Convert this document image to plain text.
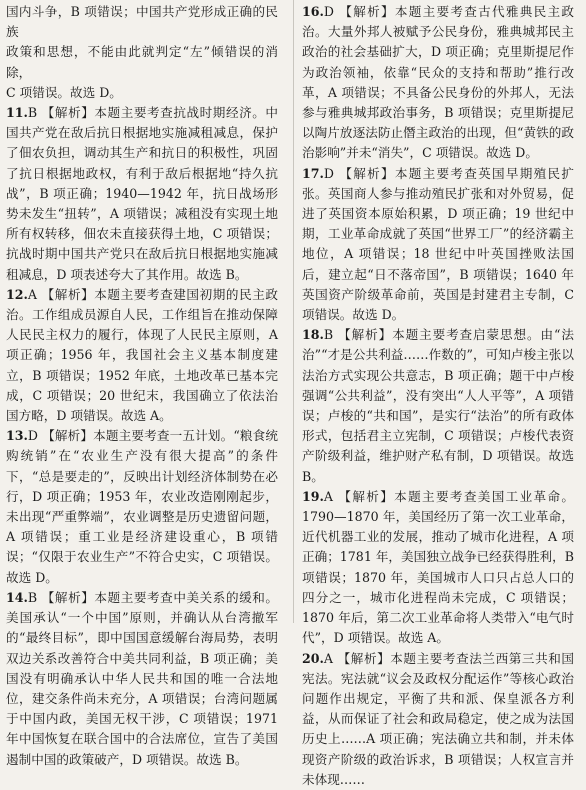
国内斗争，B 项错误；中国共产党形成正确的民族
政策和思想，不能由此就判定“左”倾错误的消除，
C 项错误。故选 D。

11.B 【解析】本题主要考查抗战时期经济。中国共产党在敌后抗日根据地实施减租减息，保护了佃农负担，调动其生产和抗日的积极性，巩固了抗日根据地政权，有利于敌后根据地“持久抗战”，B 项正确；1940—1942 年，抗日战场形势未发生“扭转”，A 项错误；减租没有实现土地所有权转移，佃农未直接获得土地，C 项错误；抗战时期中国共产党只在敌后抗日根据地实施减租减息，D 项表述夸大了其作用。故选 B。

12.A 【解析】本题主要考查建国初期的民主政治。工作组成员源自人民，工作组旨在推动保障人民民主权力的履行，体现了人民民主原则，A 项正确；1956 年，我国社会主义基本制度建立，B 项错误；1952 年底，土地改革已基本完成，C 项错误；20 世纪末，我国确立了依法治国方略，D 项错误。故选 A。

13.D 【解析】本题主要考查一五计划。“粮食统购统销”在“农业生产没有很大提高”的条件下，“总是要走的”，反映出计划经济体制势在必行，D 项正确；1953 年，农业改造刚刚起步，未出现“严重弊端”，农业调整是历史遗留问题，A 项错误；重工业是经济建设重心，B 项错误；“仅限于农业生产”不符合史实，C 项错误。故选 D。

14.B 【解析】本题主要考查中美关系的缓和。美国承认“一个中国”原则，并确认从台湾撤军的“最终目标”，即中国国意缓解台海局势，表明双边关系改善符合中美共同利益，B 项正确；美国没有明确承认中华人民共和国的唯一合法地位，建交条件尚未充分，A 项错误；台湾问题属于中国内政，美国无权干涉，C 项错误；1971 年中国恢复在联合国中的合法席位，宣告了美国遏制中国的政策破产，D 项错误。故选 B。

16.D 【解析】本题主要考查古代雅典民主政治。大量外邦人被赋予公民身份，雅典城邦民主政治的社会基础扩大，D 项正确；克里斯提尼作为政治领袖，依靠“民众的支持和帮助”推行改革，A 项错误；不具备公民身份的外邦人，无法参与雅典城邦政治事务，B 项错误；克里斯提尼以陶片放逐法防止僭主政治的出现，但“黄铁的政治影响”并未“消失”，C 项错误。故选 D。

17.D 【解析】本题主要考查英国早期殖民扩张。英国商人参与推动殖民扩张和对外贸易，促进了英国资本原始积累，D 项正确；19 世纪中期，工业革命成就了英国“世界工厂”的经济霸主地位，A 项错误；18 世纪中叶英国挫败法国后，建立起“日不落帝国”，B 项错误；1640 年英国资产阶级革命前，英国是封建君主专制，C 项错误。故选 D。

18.B 【解析】本题主要考查启蒙思想。由“法治”“才是公共利益……作数的”，可知卢梭主张以法治方式实现公共意志，B 项正确；题干中卢梭强调“公共利益”，没有突出“人人平等”，A 项错误；卢梭的“共和国”，是实行“法治”的所有政体形式，包括君主立宪制，C 项错误；卢梭代表资产阶级利益，维护财产私有制，D 项错误。故选 B。

19.A 【解析】本题主要考查美国工业革命。1790—1870 年，美国经历了第一次工业革命，近代机器工业的发展，推动了城市化进程，A 项正确；1781 年，美国独立战争已经获得胜利，B 项错误；1870 年，美国城市人口只占总人口的四分之一，城市化进程尚未完成，C 项错误；1870 年后，第二次工业革命将人类带入“电气时代”，D 项错误。故选 A。

20.A 【解析】本题主要考查法兰西第三共和国宪法。宪法就“议会及政权分配运作”等核心政治问题作出规定，平衡了共和派、保皇派各方利益，从而保证了社会和政局稳定，使之成为法国历史上……A 项正确；宪法确立共和制，并未体现资产阶级的政治诉求，B 项错误；人权宣言并未体现……
